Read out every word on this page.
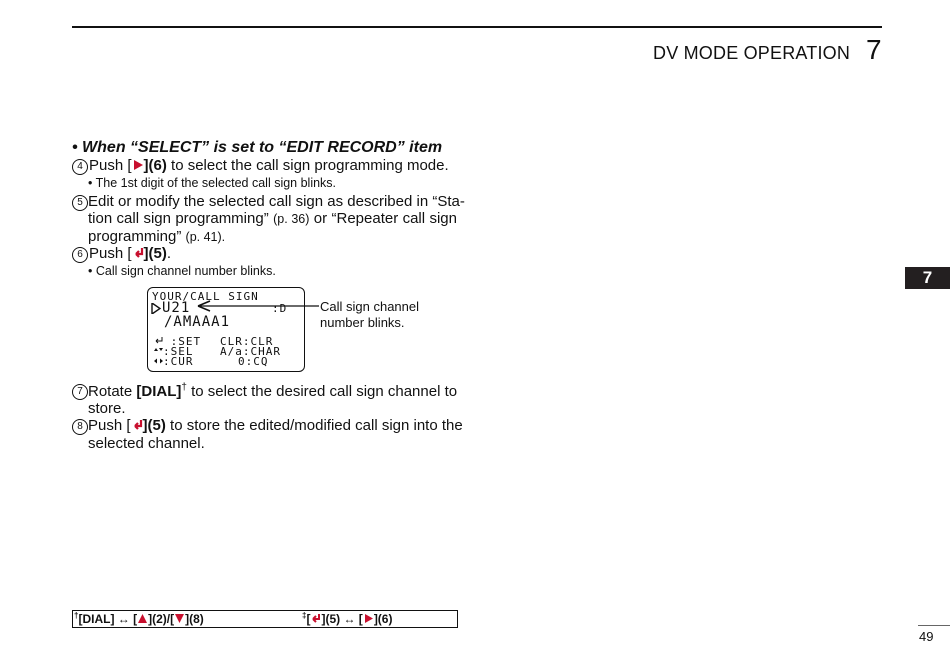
DV MODE OPERATION 7
7
• When “SELECT” is set to “EDIT RECORD” item
4 Push [ ](6) to select the call sign programming mode.
• The 1st digit of the selected call sign blinks.
5 Edit or modify the selected call sign as described in “Sta-
tion call sign programming” (p. 36) or “Repeater call sign
programming” (p. 41).
6 Push [ ](5).
• Call sign channel number blinks.
YOUR/CALL SIGN
U21	:D
/AMAAA1
:SET CLR:CLR
:SEL A/a:CHAR
:CUR	0:CQ
Call sign channel
number blinks.
7 Rotate [DIAL]† to select the desired call sign channel to
store.
8 Push [ ](5) to store the edited/modified call sign into the
selected channel.
†[DIAL] ↔ [ ](2)/[ ](8)	‡[ ](5) ↔ [ ](6)
49
